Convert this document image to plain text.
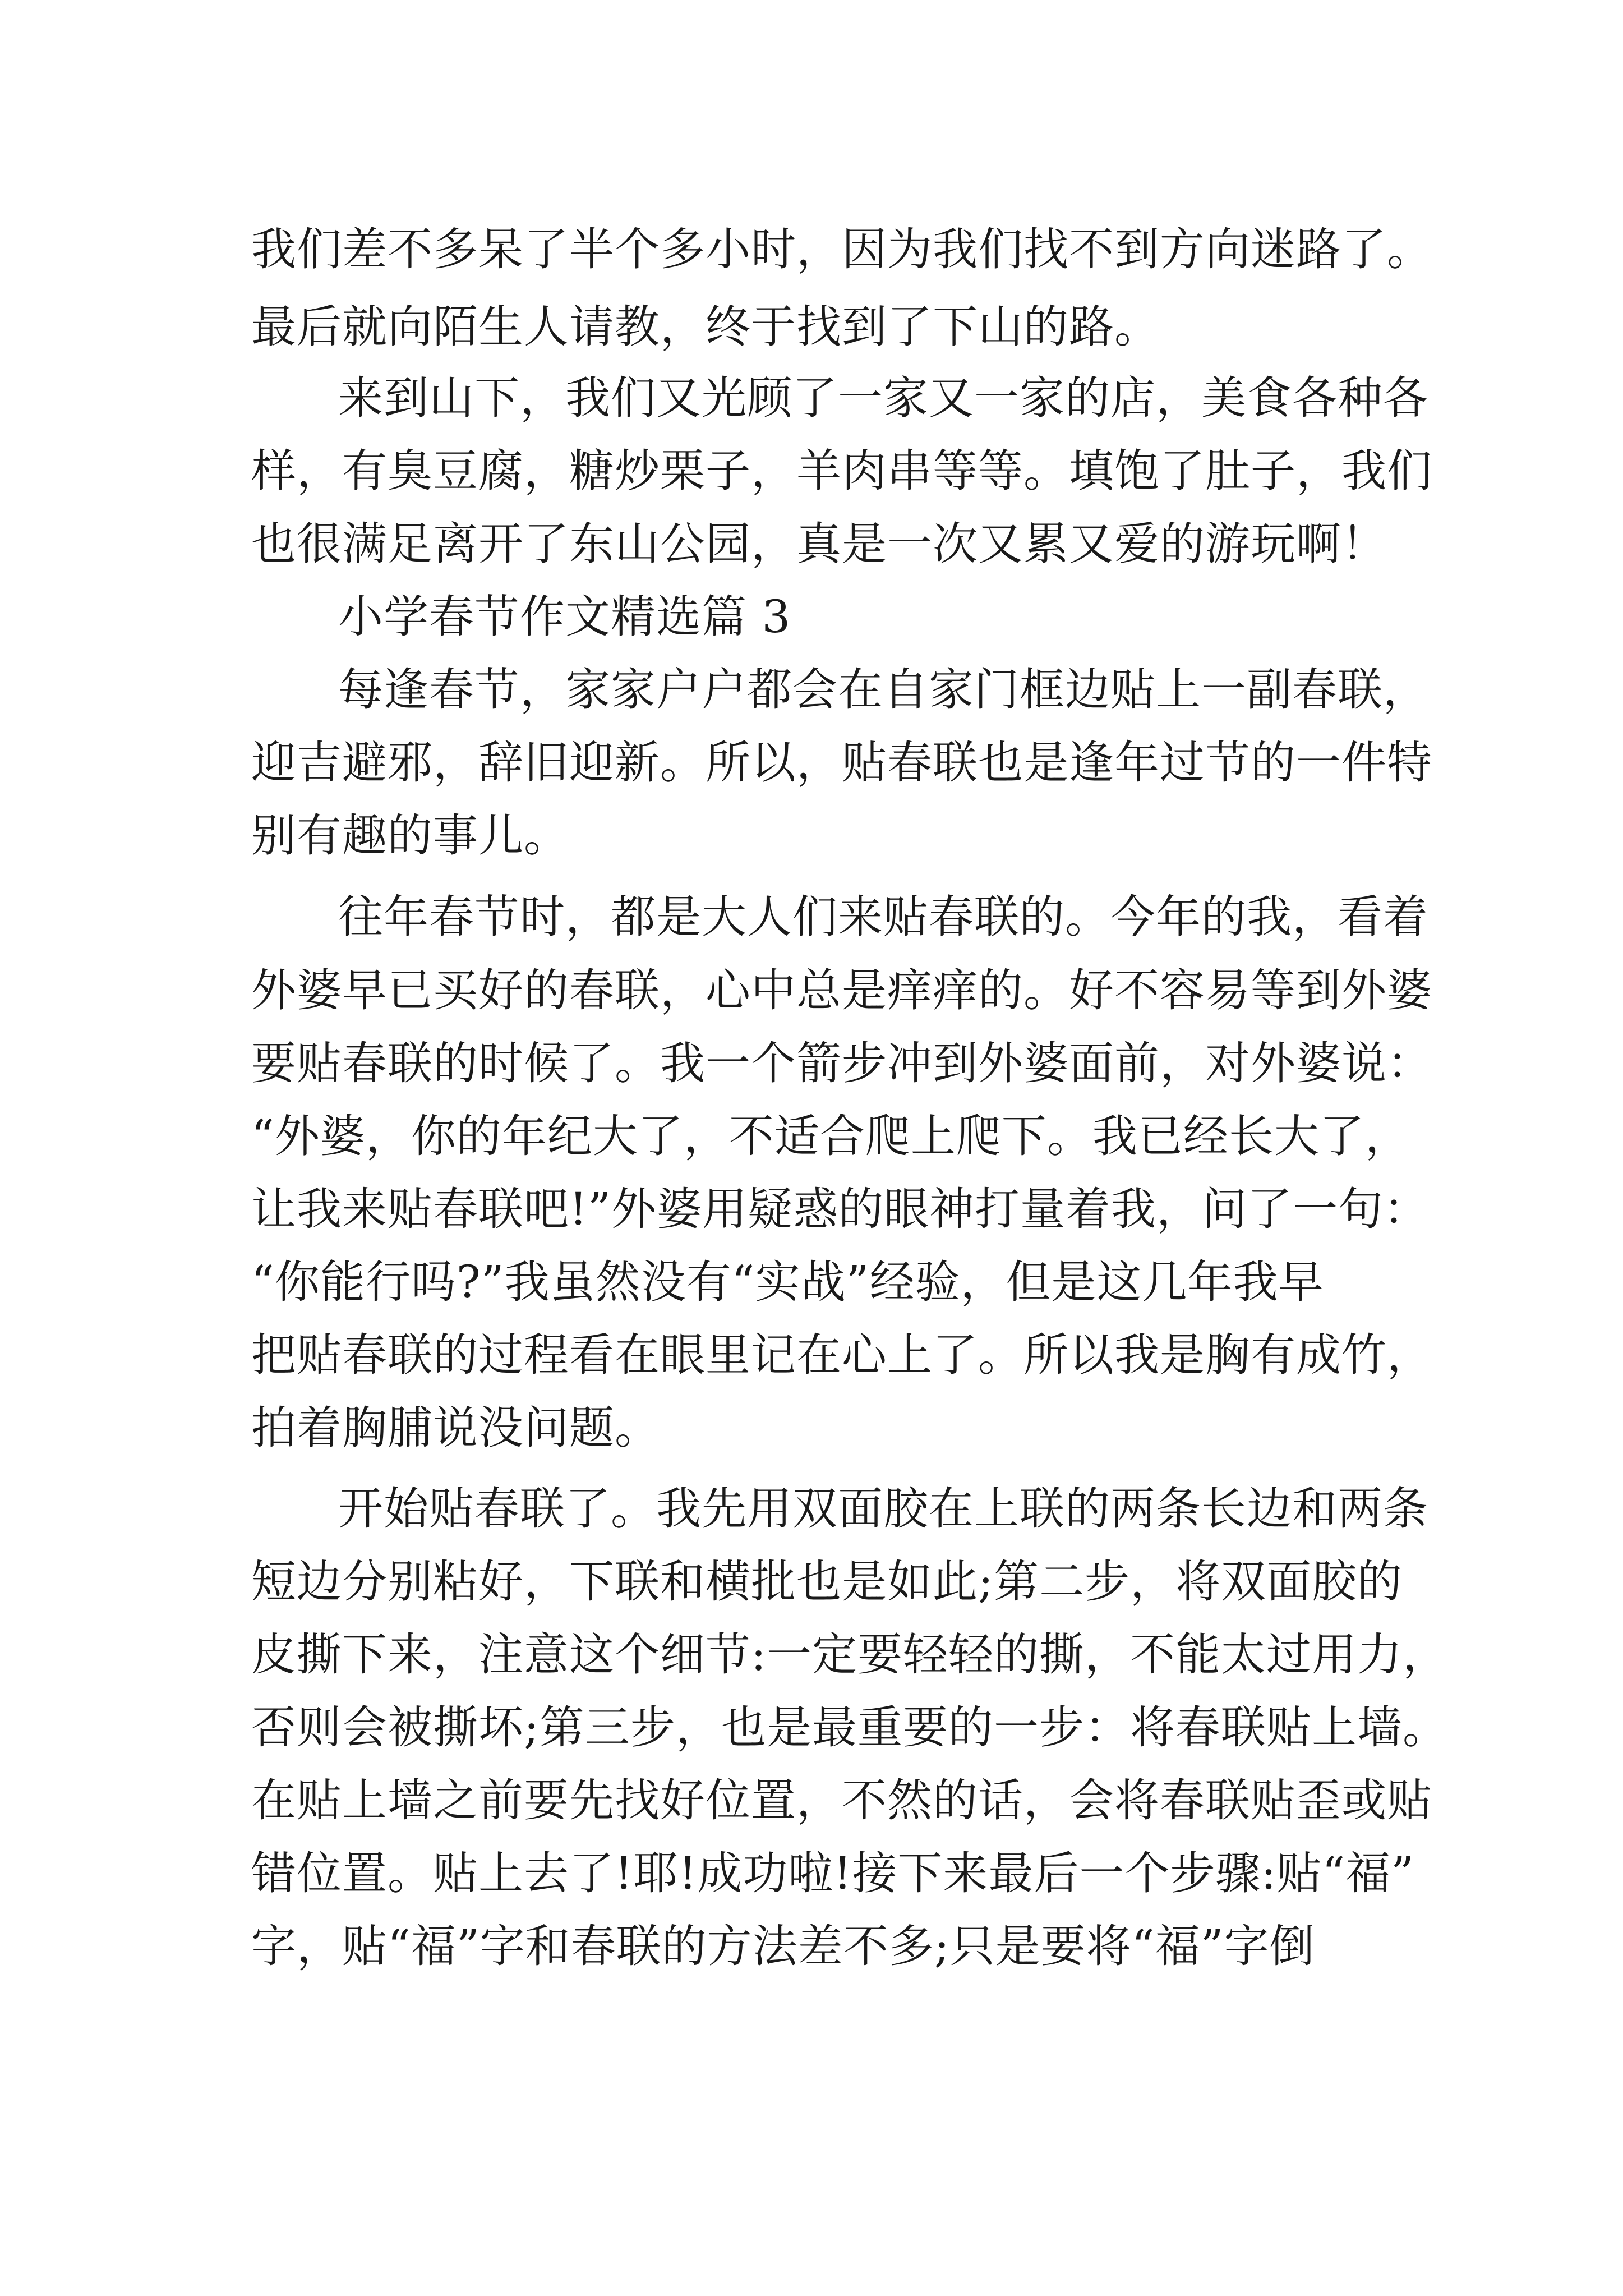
我们差不多呆了半个多小时，因为我们找不到方向迷路了。

最后就向陌生人请教，终于找到了下山的路。

来到山下，我们又光顾了一家又一家的店，美食各种各

样，有臭豆腐，糖炒栗子，羊肉串等等。填饱了肚子，我们

也很满足离开了东山公园，真是一次又累又爱的游玩啊！

小学春节作文精选篇 3

每逢春节，家家户户都会在自家门框边贴上一副春联，

迎吉避邪，辞旧迎新。所以，贴春联也是逢年过节的一件特

别有趣的事儿。

往年春节时，都是大人们来贴春联的。今年的我，看着

外婆早已买好的春联，心中总是痒痒的。好不容易等到外婆

要贴春联的时候了。我一个箭步冲到外婆面前，对外婆说：

“外婆，你的年纪大了，不适合爬上爬下。我已经长大了，

让我来贴春联吧!”外婆用疑惑的眼神打量着我，问了一句：

“你能行吗?”我虽然没有“实战”经验，但是这几年我早

把贴春联的过程看在眼里记在心上了。所以我是胸有成竹，

拍着胸脯说没问题。

开始贴春联了。我先用双面胶在上联的两条长边和两条

短边分别粘好，下联和横批也是如此;第二步，将双面胶的

皮撕下来，注意这个细节:一定要轻轻的撕，不能太过用力，

否则会被撕坏;第三步，也是最重要的一步：将春联贴上墙。

在贴上墙之前要先找好位置，不然的话，会将春联贴歪或贴

错位置。贴上去了!耶!成功啦!接下来最后一个步骤:贴“福”

字，贴“福”字和春联的方法差不多;只是要将“福”字倒
